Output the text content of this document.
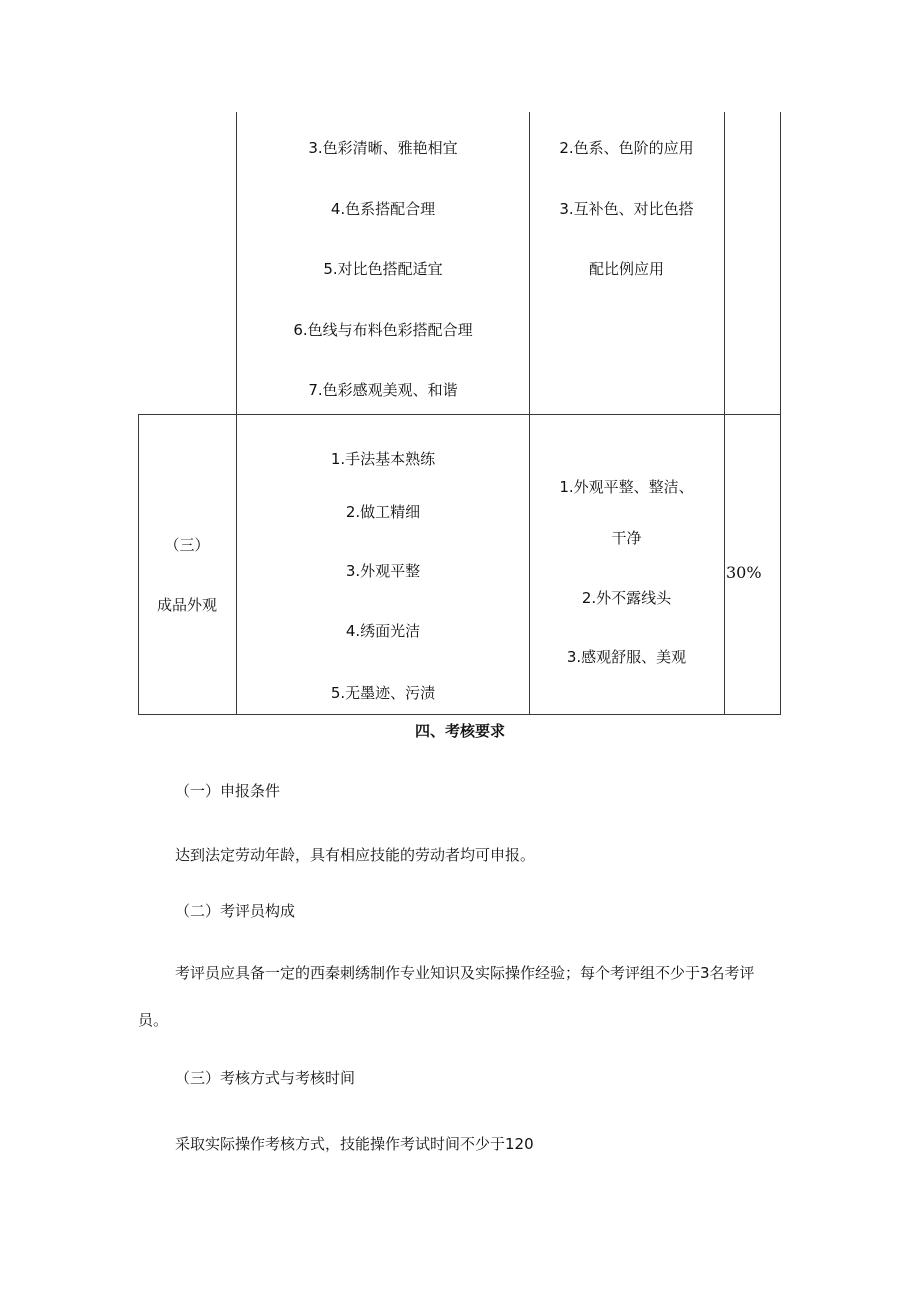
3.色彩清晰、雅艳相宜
4.色系搭配合理
5.对比色搭配适宜
6.色线与布料色彩搭配合理
7.色彩感观美观、和谐
2.色系、色阶的应用
3.互补色、对比色搭
配比例应用
（三）
成品外观
1.手法基本熟练
2.做工精细
3.外观平整
4.绣面光洁
5.无墨迹、污渍
1.外观平整、整洁、
干净
2.外不露线头
3.感观舒服、美观
30%
四、考核要求
（一）申报条件
达到法定劳动年龄，具有相应技能的劳动者均可申报。
（二）考评员构成
考评员应具备一定的西秦刺绣制作专业知识及实际操作经验；每个考评组不少于3名考评
员。
（三）考核方式与考核时间
采取实际操作考核方式，技能操作考试时间不少于120
